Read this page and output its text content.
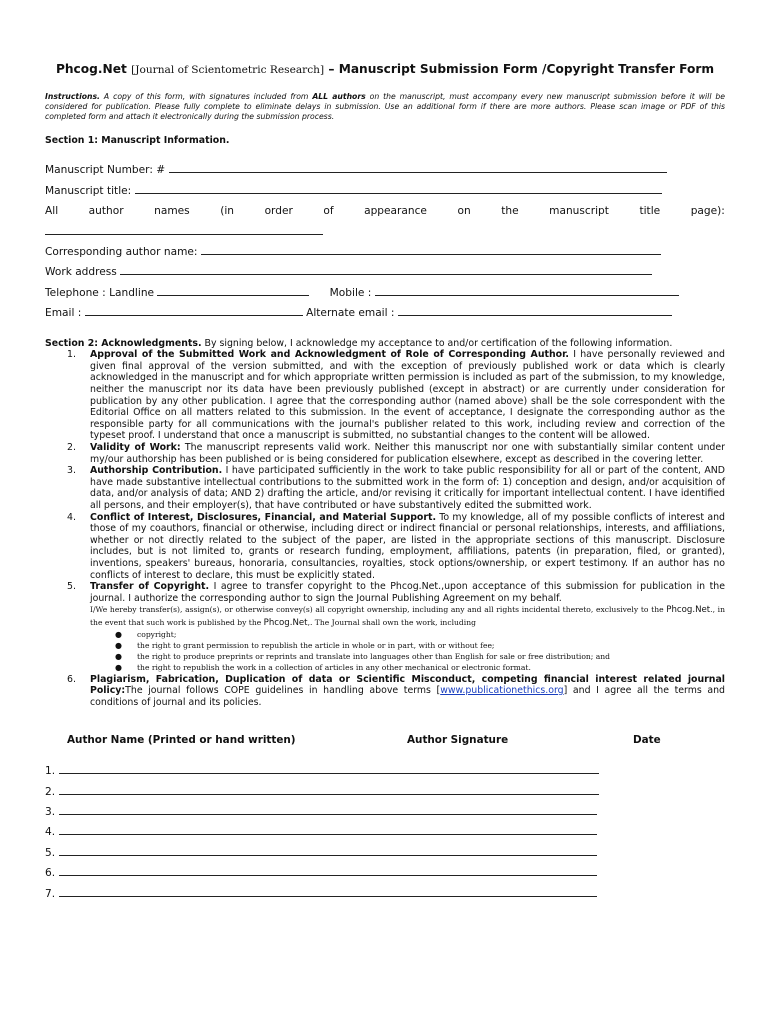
Phcog.Net [Journal of Scientometric Research] – Manuscript Submission Form /Copyright Transfer Form

Instructions. A copy of this form, with signatures included from ALL authors on the manuscript, must accompany every new manuscript submission before it will be considered for publication. Please fully complete to eliminate delays in submission. Use an additional form if there are more authors. Please scan image or PDF of this completed form and attach it electronically during the submission process.

Section 1: Manuscript Information.
Manuscript Number: #
Manuscript title:
All	author	names	(in	order	of	appearance	on	the	manuscript	title	page):
Corresponding author name:
Work address
Telephone : Landline	Mobile :
Email :	Alternate email :

Section 2: Acknowledgments. By signing below, I acknowledge my acceptance to and/or certification of the following information.

1. Approval of the Submitted Work and Acknowledgment of Role of Corresponding Author. I have personally reviewed and given final approval of the version submitted, and with the exception of previously published work or data which is clearly acknowledged in the manuscript and for which appropriate written permission is included as part of the submission, to my knowledge, neither the manuscript nor its data have been previously published (except in abstract) or are currently under consideration for publication by any other publication. I agree that the corresponding author (named above) shall be the sole correspondent with the Editorial Office on all matters related to this submission. In the event of acceptance, I designate the corresponding author as the responsible party for all communications with the journal's publisher related to this work, including review and correction of the typeset proof. I understand that once a manuscript is submitted, no substantial changes to the content will be allowed.
2. Validity of Work: The manuscript represents valid work. Neither this manuscript nor one with substantially similar content under my/our authorship has been published or is being considered for publication elsewhere, except as described in the covering letter.
3. Authorship Contribution. I have participated sufficiently in the work to take public responsibility for all or part of the content, AND have made substantive intellectual contributions to the submitted work in the form of: 1) conception and design, and/or acquisition of data, and/or analysis of data; AND 2) drafting the article, and/or revising it critically for important intellectual content. I have identified all persons, and their employer(s), that have contributed or have substantively edited the submitted work.
4. Conflict of Interest, Disclosures, Financial, and Material Support. To my knowledge, all of my possible conflicts of interest and those of my coauthors, financial or otherwise, including direct or indirect financial or personal relationships, interests, and affiliations, whether or not directly related to the subject of the paper, are listed in the appropriate sections of this manuscript. Disclosure includes, but is not limited to, grants or research funding, employment, affiliations, patents (in preparation, filed, or granted), inventions, speakers' bureaus, honoraria, consultancies, royalties, stock options/ownership, or expert testimony. If an author has no conflicts of interest to declare, this must be explicitly stated.
5. Transfer of Copyright. I agree to transfer copyright to the Phcog.Net.,upon acceptance of this submission for publication in the journal. I authorize the corresponding author to sign the Journal Publishing Agreement on my behalf.
I/We hereby transfer(s), assign(s), or otherwise convey(s) all copyright ownership, including any and all rights incidental thereto, exclusively to the Phcog.Net., in the event that such work is published by the Phcog.Net,. The Journal shall own the work, including
● copyright;
● the right to grant permission to republish the article in whole or in part, with or without fee;
● the right to produce preprints or reprints and translate into languages other than English for sale or free distribution; and
● the right to republish the work in a collection of articles in any other mechanical or electronic format.
6. Plagiarism, Fabrication, Duplication of data or Scientific Misconduct, competing financial interest related journal Policy:The journal follows COPE guidelines in handling above terms [www.publicationethics.org] and I agree all the terms and conditions of journal and its policies.
Author Name (Printed or hand written)	Author Signature	Date
1.
2.
3.
4.
5.
6.
7.
